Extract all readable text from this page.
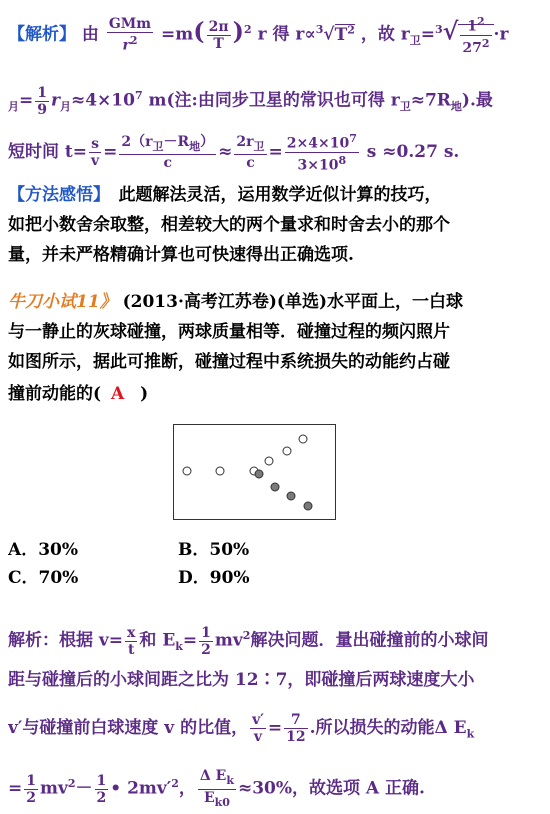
【解析】 由 $\frac{\text{GMm}}{r^2} =m( \frac{2\pi}{T} )^2$ r 得 $r\propto^3√T^2$ ，故 $r_卫=^3√ \frac{1^2}{27^2} \cdot r$
$_月= \frac{1}{9} r_月\approx 4\times 10^7$ m(注:由同步卫星的常识也可得 $r_卫\approx 7R_地$).最
短时间 $t= \frac{s}{v} = \frac{2(r_卫-R_地)}{c} \approx \frac{2r_卫}{c} = \frac{2\times 4\times 10^7}{3\times 10^8}$ s ≈0.27 s.
【方法感悟】　此题解法灵活，运用数学近似计算的技巧，
如把小数舍余取整，相差较大的两个量求和时舍去小的那个
量，并未严格精确计算也可快速得出正确选项.
牛刀小试11》 (2013·高考江苏卷)(单选)水平面上，一白球
与一静止的灰球碰撞，两球质量相等．碰撞过程的频闪照片
如图所示，据此可推断，碰撞过程中系统损失的动能约占碰
撞前动能的( A )
A．30%	B．50%
C．70%	D．90%
解析：根据 $v= \frac{x}{t}$ 和 $E_k= \frac{1}{2} mv^2$解决问题．量出碰撞前的小球间
距与碰撞后的小球间距之比为 12∶7，即碰撞后两球速度大小
v′与碰撞前白球速度 v 的比值， $\frac{v'}{v} = \frac{7}{12}$ .所以损失的动能Δ $E_k$
= $\frac{1}{2} mv^2- \frac{1}{2}$ • $2mv'^2$， $\frac{\Delta E_k}{E_{k0}} \approx 30\%$，故选项 A 正确.
